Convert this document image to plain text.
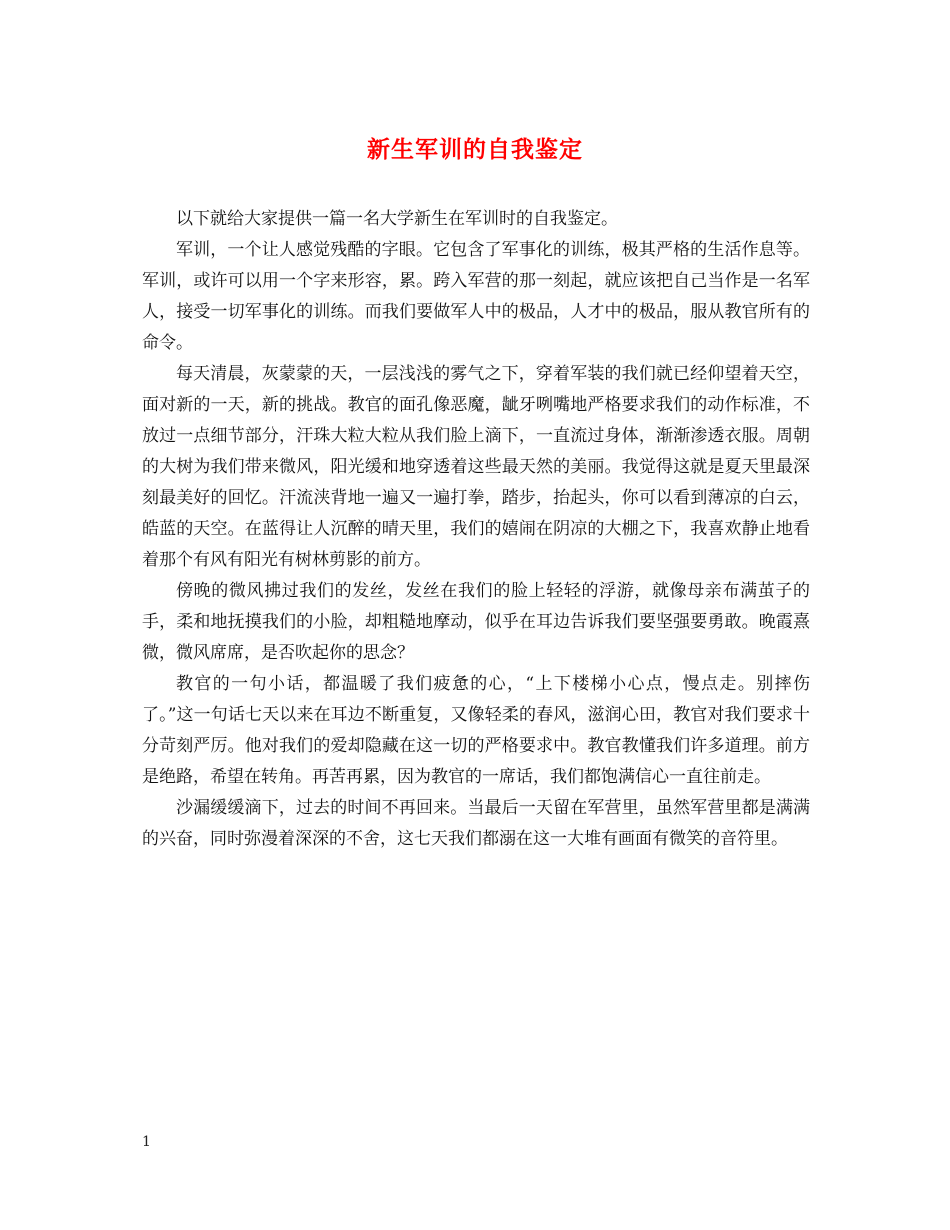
新生军训的自我鉴定

以下就给大家提供一篇一名大学新生在军训时的自我鉴定。

军训，一个让人感觉残酷的字眼。它包含了军事化的训练，极其严格的生活作息等。军训，或许可以用一个字来形容，累。跨入军营的那一刻起，就应该把自己当作是一名军人，接受一切军事化的训练。而我们要做军人中的极品，人才中的极品，服从教官所有的命令。

每天清晨，灰蒙蒙的天，一层浅浅的雾气之下，穿着军装的我们就已经仰望着天空，面对新的一天，新的挑战。教官的面孔像恶魔，龇牙咧嘴地严格要求我们的动作标准，不放过一点细节部分，汗珠大粒大粒从我们脸上滴下，一直流过身体，渐渐渗透衣服。周朝的大树为我们带来微风，阳光缓和地穿透着这些最天然的美丽。我觉得这就是夏天里最深刻最美好的回忆。汗流浃背地一遍又一遍打拳，踏步，抬起头，你可以看到薄凉的白云，皓蓝的天空。在蓝得让人沉醉的晴天里，我们的嬉闹在阴凉的大棚之下，我喜欢静止地看着那个有风有阳光有树林剪影的前方。

傍晚的微风拂过我们的发丝，发丝在我们的脸上轻轻的浮游，就像母亲布满茧子的手，柔和地抚摸我们的小脸，却粗糙地摩动，似乎在耳边告诉我们要坚强要勇敢。晚霞熹微，微风席席，是否吹起你的思念？

教官的一句小话，都温暖了我们疲惫的心，“上下楼梯小心点，慢点走。别摔伤了。”这一句话七天以来在耳边不断重复，又像轻柔的春风，滋润心田，教官对我们要求十分苛刻严厉。他对我们的爱却隐藏在这一切的严格要求中。教官教懂我们许多道理。前方是绝路，希望在转角。再苦再累，因为教官的一席话，我们都饱满信心一直往前走。

沙漏缓缓滴下，过去的时间不再回来。当最后一天留在军营里，虽然军营里都是满满的兴奋，同时弥漫着深深的不舍，这七天我们都溺在这一大堆有画面有微笑的音符里。

1
